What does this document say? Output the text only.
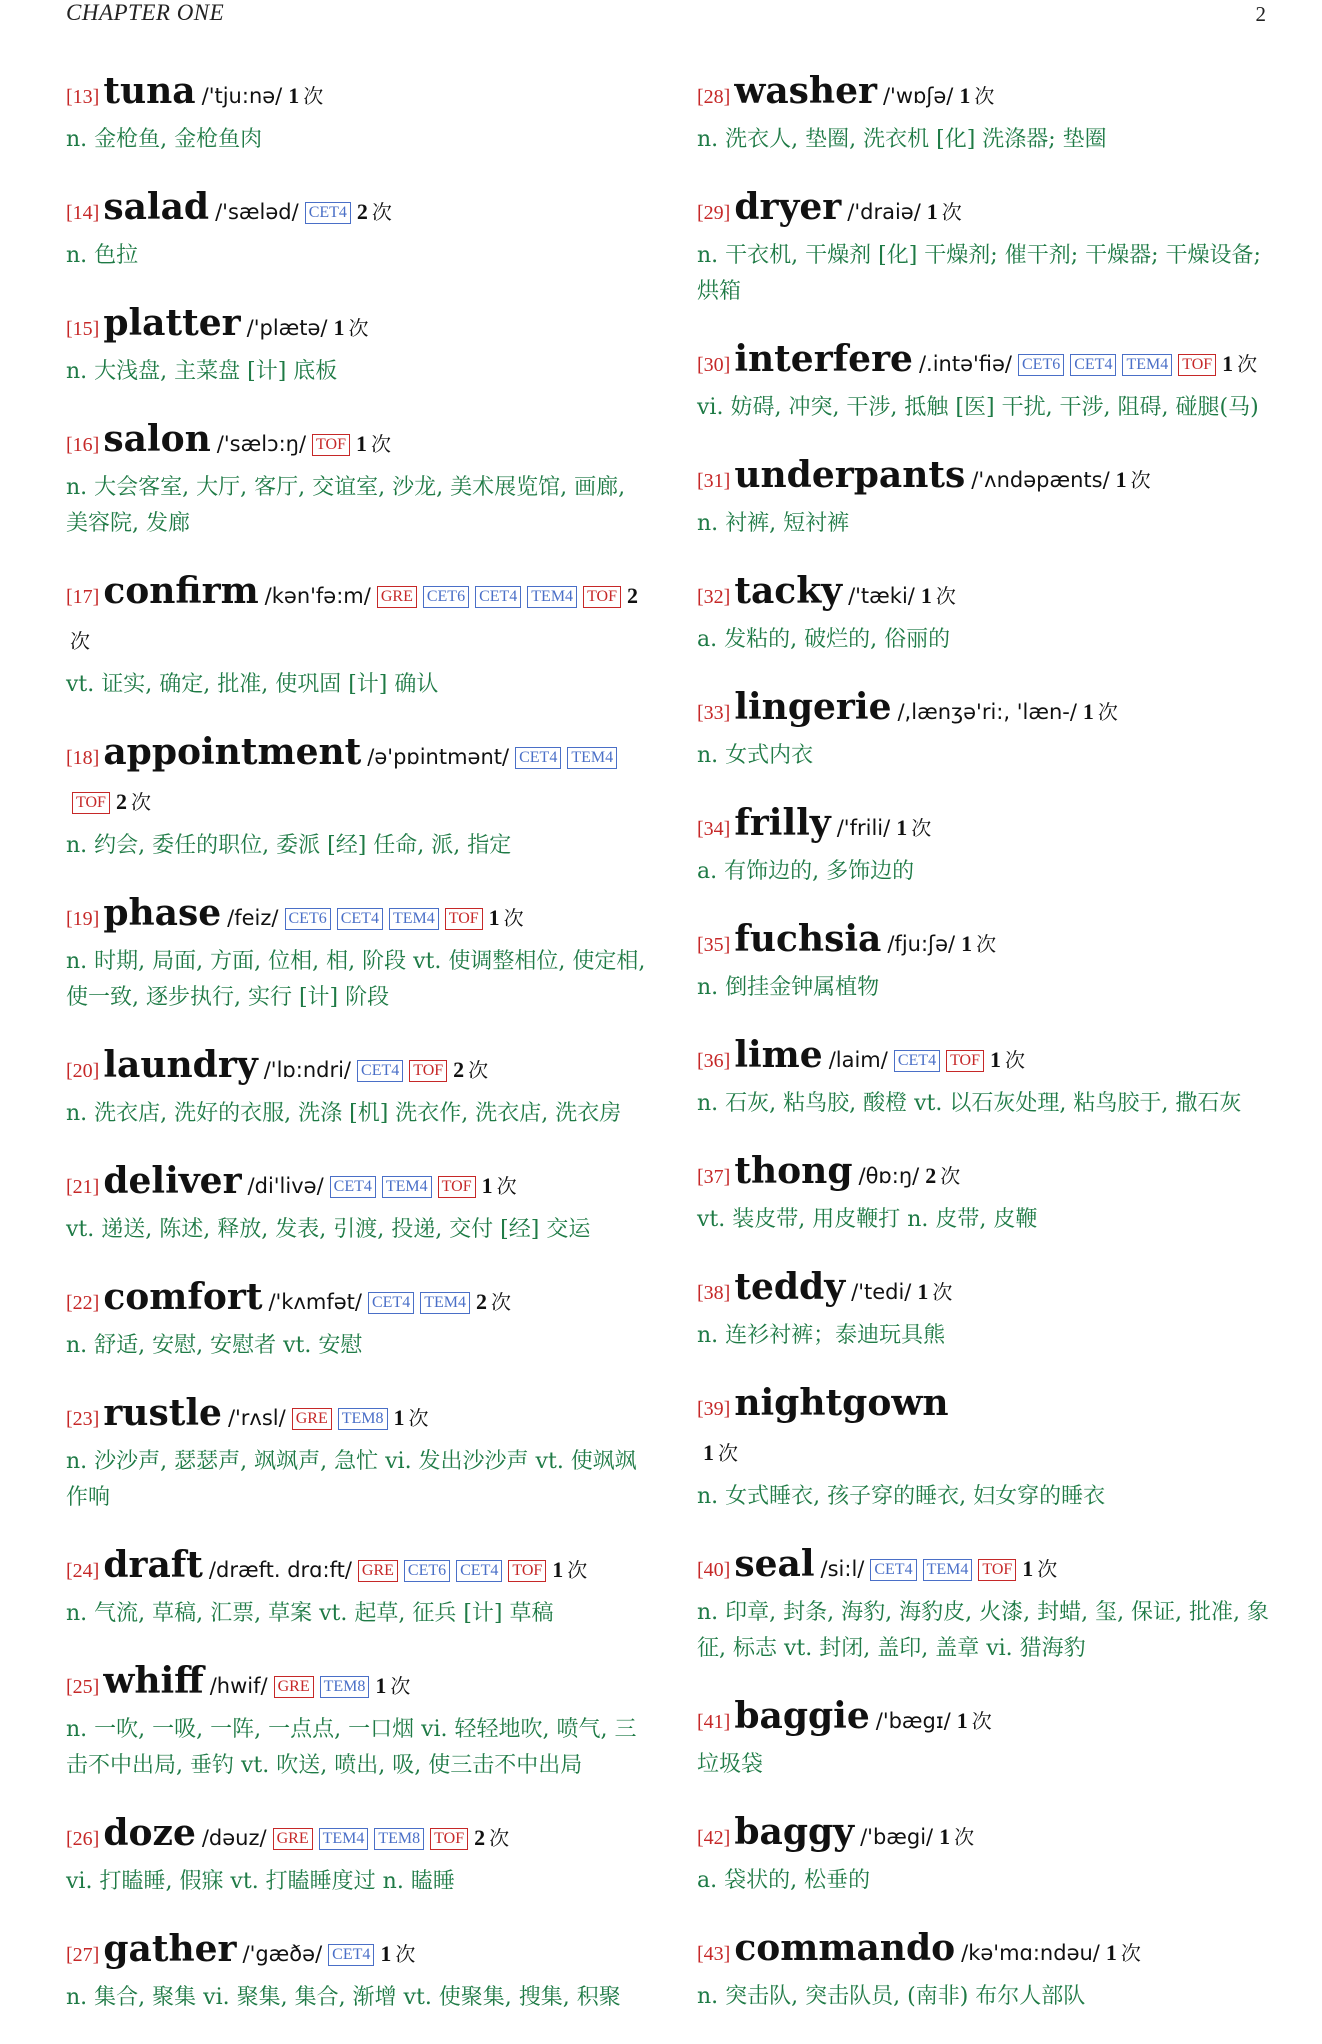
CHAPTER ONE	2
[13] tuna /'tju:nə/ 1 次
n. 金枪鱼, 金枪鱼肉
[14] salad /'sæləd/ CET4 2 次
n. 色拉
[15] platter /'plætə/ 1 次
n. 大浅盘, 主菜盘 [计] 底板
[16] salon /'sælɔ:ŋ/ TOF 1 次
n. 大会客室, 大厅, 客厅, 交谊室, 沙龙, 美术展览馆, 画廊, 美容院, 发廊
[17] confirm /kən'fə:m/ GRE CET6 CET4 TEM4 TOF 2次
vt. 证实, 确定, 批准, 使巩固 [计] 确认
[18] appointment /ə'pɒintmənt/ CET4 TEM4TOF 2 次
n. 约会, 委任的职位, 委派 [经] 任命, 派, 指定
[19] phase /feiz/ CET6 CET4 TEM4 TOF 1 次
n. 时期, 局面, 方面, 位相, 相, 阶段 vt. 使调整相位, 使定相, 使一致, 逐步执行, 实行 [计] 阶段
[20] laundry /'lɒ:ndri/ CET4 TOF 2 次
n. 洗衣店, 洗好的衣服, 洗涤 [机] 洗衣作, 洗衣店, 洗衣房
[21] deliver /di'livə/ CET4 TEM4 TOF 1 次
vt. 递送, 陈述, 释放, 发表, 引渡, 投递, 交付 [经] 交运
[22] comfort /'kʌmfət/ CET4 TEM4 2 次
n. 舒适, 安慰, 安慰者 vt. 安慰
[23] rustle /'rʌsl/ GRE TEM8 1 次
n. 沙沙声, 瑟瑟声, 飒飒声, 急忙 vi. 发出沙沙声 vt. 使飒飒作响
[24] draft /dræft. drɑ:ft/ GRE CET6 CET4 TOF 1 次
n. 气流, 草稿, 汇票, 草案 vt. 起草, 征兵 [计] 草稿
[25] whiff /hwif/ GRE TEM8 1 次
n. 一吹, 一吸, 一阵, 一点点, 一口烟 vi. 轻轻地吹, 喷气, 三击不中出局, 垂钓 vt. 吹送, 喷出, 吸, 使三击不中出局
[26] doze /dəuz/ GRE TEM4 TEM8 TOF 2 次
vi. 打瞌睡, 假寐 vt. 打瞌睡度过 n. 瞌睡
[27] gather /'gæðə/ CET4 1 次
n. 集合, 聚集 vi. 聚集, 集合, 渐增 vt. 使聚集, 搜集, 积聚
[28] washer /'wɒʃə/ 1 次
n. 洗衣人, 垫圈, 洗衣机 [化] 洗涤器; 垫圈
[29] dryer /'draiə/ 1 次
n. 干衣机, 干燥剂 [化] 干燥剂; 催干剂; 干燥器; 干燥设备; 烘箱
[30] interfere /.intə'fiə/ CET6 CET4 TEM4 TOF 1 次
vi. 妨碍, 冲突, 干涉, 抵触 [医] 干扰, 干涉, 阻碍, 碰腿(马)
[31] underpants /'ʌndəpænts/ 1 次
n. 衬裤, 短衬裤
[32] tacky /'tæki/ 1 次
a. 发粘的, 破烂的, 俗丽的
[33] lingerie /,lænʒə'ri:, 'læn-/ 1 次
n. 女式内衣
[34] frilly /'frili/ 1 次
a. 有饰边的, 多饰边的
[35] fuchsia /fju:ʃə/ 1 次
n. 倒挂金钟属植物
[36] lime /laim/ CET4 TOF 1 次
n. 石灰, 粘鸟胶, 酸橙 vt. 以石灰处理, 粘鸟胶于, 撒石灰
[37] thong /θɒ:ŋ/ 2 次
vt. 装皮带, 用皮鞭打 n. 皮带, 皮鞭
[38] teddy /'tedi/ 1 次
n. 连衫衬裤；泰迪玩具熊
[39] nightgown
1 次
n. 女式睡衣, 孩子穿的睡衣, 妇女穿的睡衣
[40] seal /si:l/ CET4 TEM4 TOF 1 次
n. 印章, 封条, 海豹, 海豹皮, 火漆, 封蜡, 玺, 保证, 批准, 象征, 标志 vt. 封闭, 盖印, 盖章 vi. 猎海豹
[41] baggie /'bægɪ/ 1 次
垃圾袋
[42] baggy /'bægi/ 1 次
a. 袋状的, 松垂的
[43] commando /kə'mɑ:ndəu/ 1 次
n. 突击队, 突击队员, (南非) 布尔人部队
